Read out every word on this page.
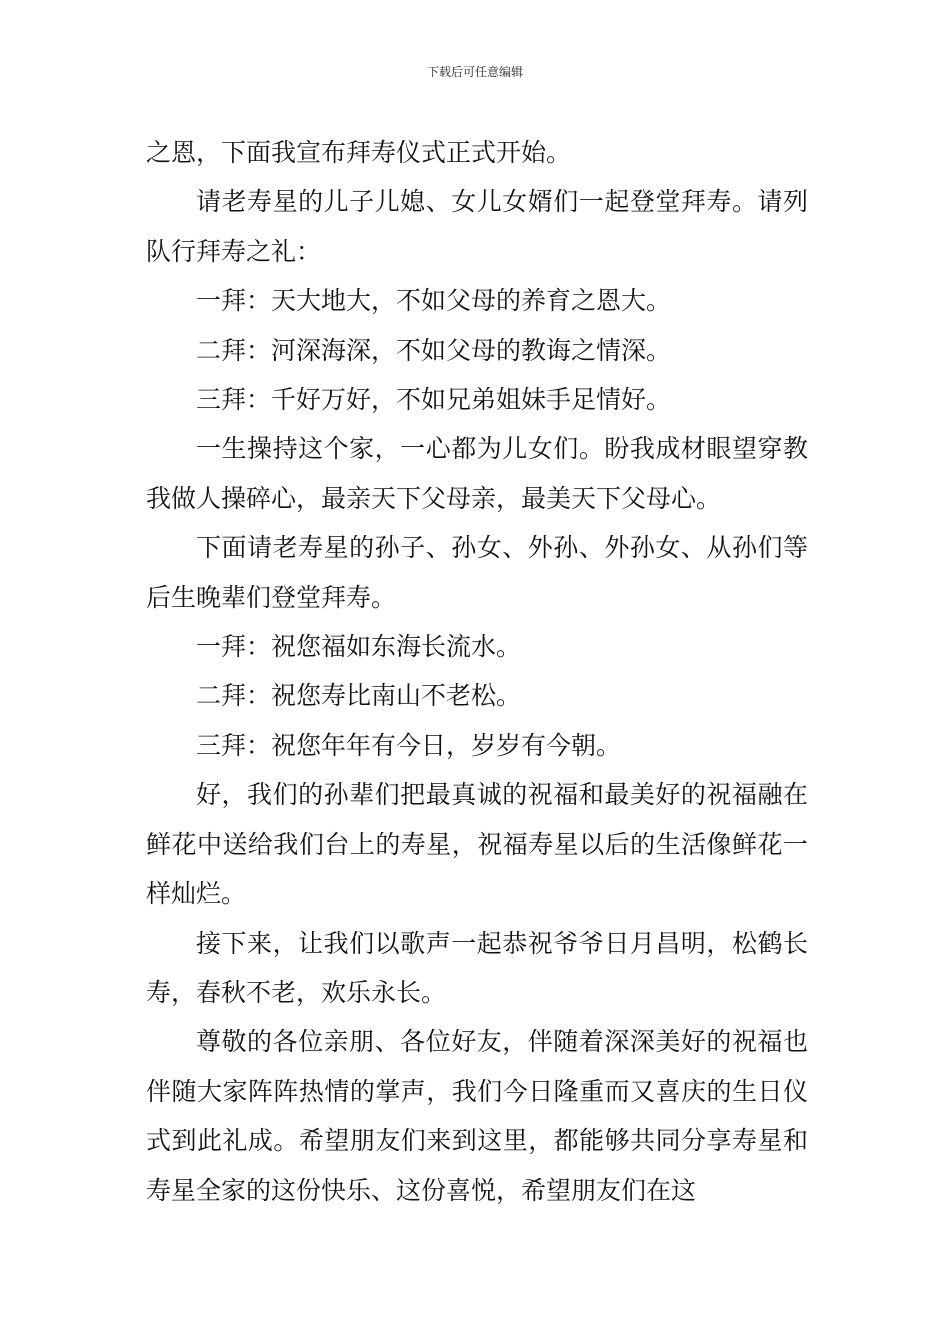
下载后可任意编辑

之恩，下面我宣布拜寿仪式正式开始。

请老寿星的儿子儿媳、女儿女婿们一起登堂拜寿。请列队行拜寿之礼：

一拜：天大地大，不如父母的养育之恩大。

二拜：河深海深，不如父母的教诲之情深。

三拜：千好万好，不如兄弟姐妹手足情好。

一生操持这个家，一心都为儿女们。盼我成材眼望穿教我做人操碎心，最亲天下父母亲，最美天下父母心。

下面请老寿星的孙子、孙女、外孙、外孙女、从孙们等后生晚辈们登堂拜寿。

一拜：祝您福如东海长流水。

二拜：祝您寿比南山不老松。

三拜：祝您年年有今日，岁岁有今朝。

好，我们的孙辈们把最真诚的祝福和最美好的祝福融在鲜花中送给我们台上的寿星，祝福寿星以后的生活像鲜花一样灿烂。

接下来，让我们以歌声一起恭祝爷爷日月昌明，松鹤长寿，春秋不老，欢乐永长。

尊敬的各位亲朋、各位好友，伴随着深深美好的祝福也伴随大家阵阵热情的掌声，我们今日隆重而又喜庆的生日仪式到此礼成。希望朋友们来到这里，都能够共同分享寿星和寿星全家的这份快乐、这份喜悦，希望朋友们在这
